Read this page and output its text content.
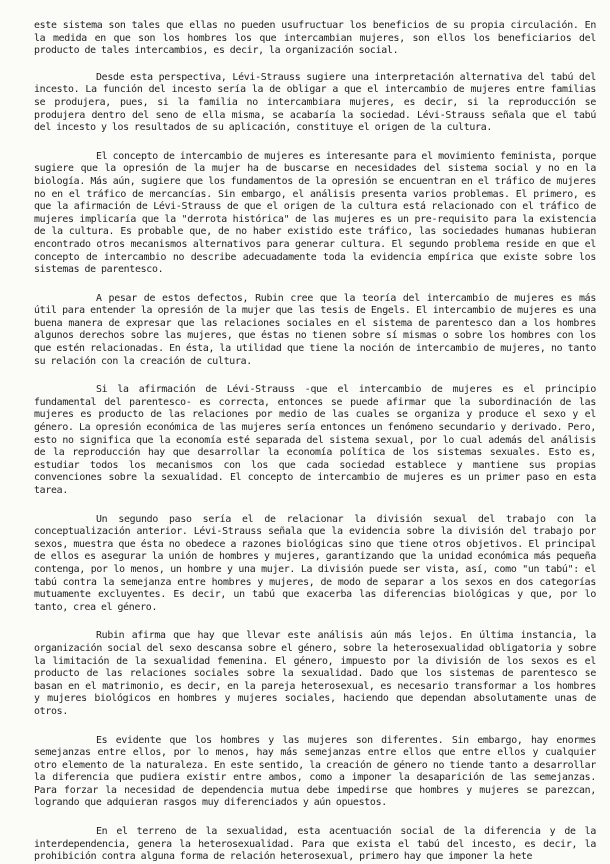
este sistema son tales que ellas no pueden usufructuar los beneficios de su propia circulación. En la medida en que son los hombres los que intercambian mujeres, son ellos los beneficiarios del producto de tales intercambios, es decir, la organización social.

Desde esta perspectiva, Lévi-Strauss sugiere una interpretación alternativa del tabú del incesto. La función del incesto sería la de obligar a que el intercambio de mujeres entre familias se produjera, pues, si la familia no intercambiara mujeres, es decir, si la reproducción se produjera dentro del seno de ella misma, se acabaría la sociedad. Lévi-Strauss señala que el tabú del incesto y los resultados de su aplicación, constituye el origen de la cultura.

El concepto de intercambio de mujeres es interesante para el movimiento feminista, porque sugiere que la opresión de la mujer ha de buscarse en necesidades del sistema social y no en la biología. Más aún, sugiere que los fundamentos de la opresión se encuentran en el tráfico de mujeres no en el tráfico de mercancías. Sin embargo, el análisis presenta varios problemas. El primero, es que la afirmación de Lévi-Strauss de que el origen de la cultura está relacionado con el tráfico de mujeres implicaría que la "derrota histórica" de las mujeres es un pre-requisito para la existencia de la cultura. Es probable que, de no haber existido este tráfico, las sociedades humanas hubieran encontrado otros mecanismos alternativos para generar cultura. El segundo problema reside en que el concepto de intercambio no describe adecuadamente toda la evidencia empírica que existe sobre los sistemas de parentesco.

A pesar de estos defectos, Rubin cree que la teoría del intercambio de mujeres es más útil para entender la opresión de la mujer que las tesis de Engels. El intercambio de mujeres es una buena manera de expresar que las relaciones sociales en el sistema de parentesco dan a los hombres algunos derechos sobre las mujeres, que éstas no tienen sobre sí mismas o sobre los hombres con los que estén relacionadas. En ésta, la utilidad que tiene la noción de intercambio de mujeres, no tanto su relación con la creación de cultura.

Si la afirmación de Lévi-Strauss -que el intercambio de mujeres es el principio fundamental del parentesco- es correcta, entonces se puede afirmar que la subordinación de las mujeres es producto de las relaciones por medio de las cuales se organiza y produce el sexo y el género. La opresión económica de las mujeres sería entonces un fenómeno secundario y derivado. Pero, esto no significa que la economía esté separada del sistema sexual, por lo cual además del análisis de la reproducción hay que desarrollar la economía política de los sistemas sexuales. Esto es, estudiar todos los mecanismos con los que cada sociedad establece y mantiene sus propias convenciones sobre la sexualidad. El concepto de intercambio de mujeres es un primer paso en esta tarea.

Un segundo paso sería el de relacionar la división sexual del trabajo con la conceptualización anterior. Lévi-Strauss señala que la evidencia sobre la división del trabajo por sexos, muestra que ésta no obedece a razones biológicas sino que tiene otros objetivos. El principal de ellos es asegurar la unión de hombres y mujeres, garantizando que la unidad económica más pequeña contenga, por lo menos, un hombre y una mujer. La división puede ser vista, así, como "un tabú": el tabú contra la semejanza entre hombres y mujeres, de modo de separar a los sexos en dos categorías mutuamente excluyentes. Es decir, un tabú que exacerba las diferencias biológicas y que, por lo tanto, crea el género.

Rubin afirma que hay que llevar este análisis aún más lejos. En última instancia, la organización social del sexo descansa sobre el género, sobre la heterosexualidad obligatoria y sobre la limitación de la sexualidad femenina. El género, impuesto por la división de los sexos es el producto de las relaciones sociales sobre la sexualidad. Dado que los sistemas de parentesco se basan en el matrimonio, es decir, en la pareja heterosexual, es necesario transformar a los hombres y mujeres biológicos en hombres y mujeres sociales, haciendo que dependan absolutamente unas de otros.

Es evidente que los hombres y las mujeres son diferentes. Sin embargo, hay enormes semejanzas entre ellos, por lo menos, hay más semejanzas entre ellos que entre ellos y cualquier otro elemento de la naturaleza. En este sentido, la creación de género no tiende tanto a desarrollar la diferencia que pudiera existir entre ambos, como a imponer la desaparición de las semejanzas. Para forzar la necesidad de dependencia mutua debe impedirse que hombres y mujeres se parezcan, logrando que adquieran rasgos muy diferenciados y aún opuestos.

En el terreno de la sexualidad, esta acentuación social de la diferencia y de la interdependencia, genera la heterosexualidad. Para que exista el tabú del incesto, es decir, la prohibición contra alguna forma de relación heterosexual, primero hay que imponer la hete
